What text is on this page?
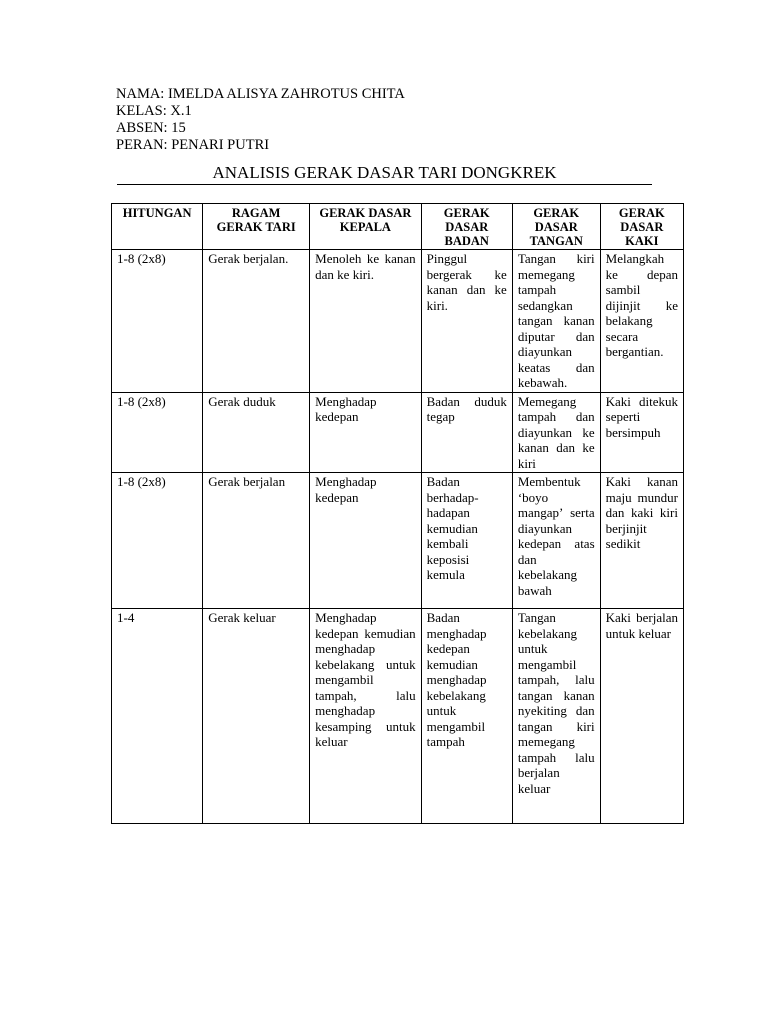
NAMA: IMELDA ALISYA ZAHROTUS CHITA
KELAS: X.1
ABSEN: 15
PERAN: PENARI PUTRI
ANALISIS GERAK DASAR TARI DONGKREK
HITUNGAN	RAGAM GERAK TARI	GERAK DASAR KEPALA	GERAK DASAR BADAN	GERAK DASAR TANGAN	GERAK DASAR KAKI
1-8 (2x8)	Gerak berjalan.	Menoleh ke kanan dan ke kiri.	Pinggul bergerak ke kanan dan ke kiri.	Tangan kiri memegang tampah sedangkan tangan kanan diputar dan diayunkan keatas dan kebawah.	Melangkah ke depan sambil dijinjit ke belakang secara bergantian.
1-8 (2x8)	Gerak duduk	Menghadap kedepan	Badan duduk tegap	Memegang tampah dan diayunkan ke kanan dan ke kiri	Kaki ditekuk seperti bersimpuh
1-8 (2x8)	Gerak berjalan	Menghadap kedepan	Badan berhadap-hadapan kemudian kembali keposisi kemula	Membentuk ‘boyo mangap’ serta diayunkan kedepan atas dan kebelakang bawah	Kaki kanan maju mundur dan kaki kiri berjinjit sedikit
1-4	Gerak keluar	Menghadap kedepan kemudian menghadap kebelakang untuk mengambil tampah, lalu menghadap kesamping untuk keluar	Badan menghadap kedepan kemudian menghadap kebelakang untuk mengambil tampah	Tangan kebelakang untuk mengambil tampah, lalu tangan kanan nyekiting dan tangan kiri memegang tampah lalu berjalan keluar	Kaki berjalan untuk keluar
